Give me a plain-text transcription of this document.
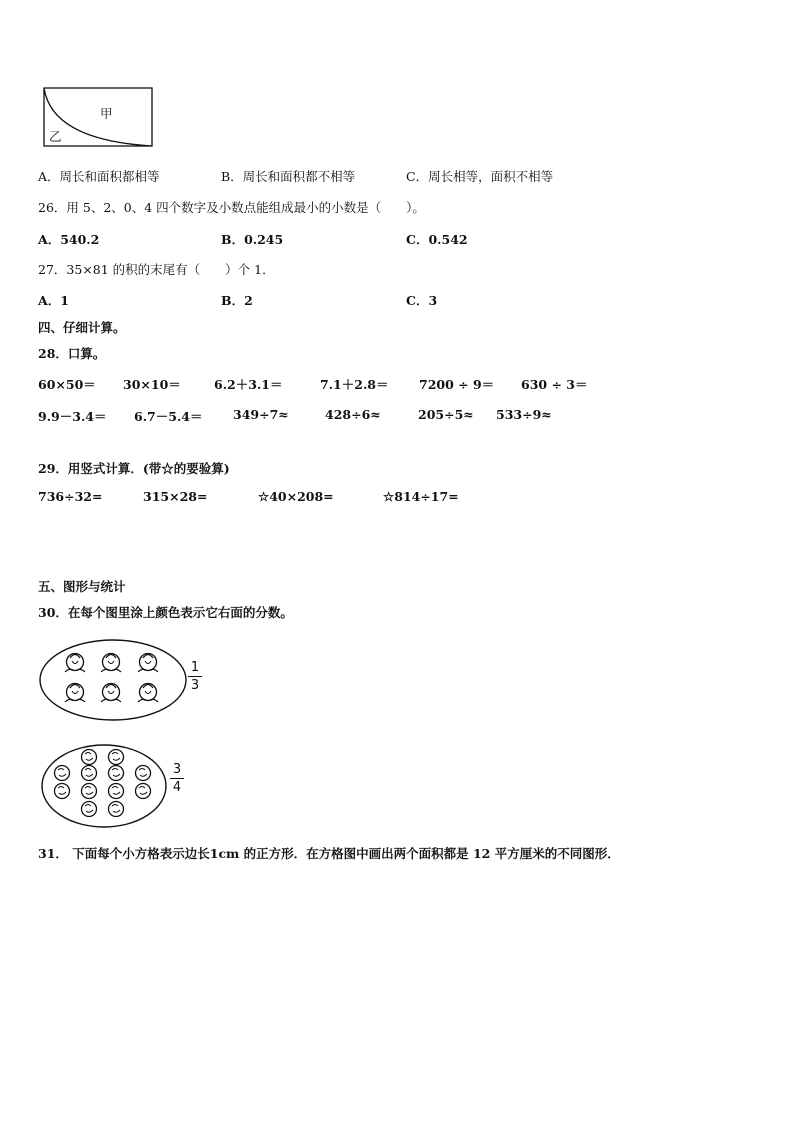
甲
乙
A．周长和面积都相等	B．周长和面积都不相等	C．周长相等，面积不相等
26．用 5、2、0、4 四个数字及小数点能组成最小的小数是（　　）。
A．540.2	B．0.245	C．0.542
27．35×81 的积的末尾有（　　）个 1．
A．1	B．2	C．3
四、仔细计算。
28．口算。
60×50＝ 30×10＝	6.2＋3.1＝	7.1＋2.8＝ 7200 ÷ 9＝ 630 ÷ 3＝
9.9－3.4＝ 6.7－5.4＝ 349÷7≈	428÷6≈	205÷5≈ 533÷9≈
29．用竖式计算．(带☆的要验算)
736÷32=	315×28=	☆40×208=	☆814÷17=
五、图形与统计
30．在每个图里涂上颜色表示它右面的分数。
1
3
3
4
31． 下面每个小方格表示边长1cm 的正方形．在方格图中画出两个面积都是 12 平方厘米的不同图形．
